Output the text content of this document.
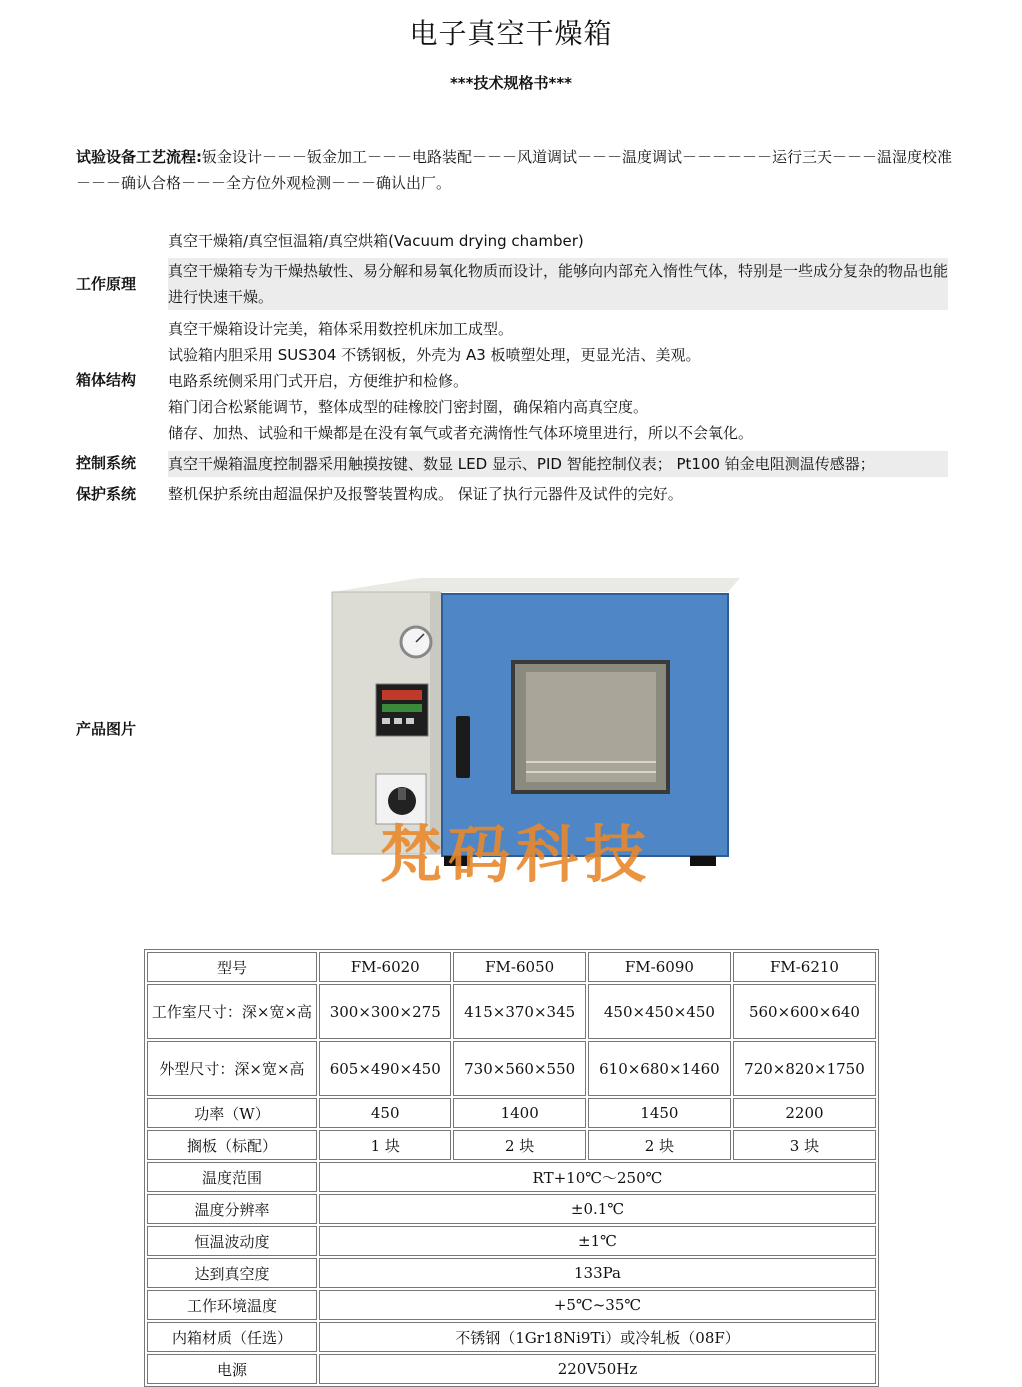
电子真空干燥箱
***技术规格书***
试验设备工艺流程:钣金设计－－－钣金加工－－－电路装配－－－风道调试－－－温度调试－－－－－－运行三天－－－温湿度校准－－－确认合格－－－全方位外观检测－－－确认出厂。
真空干燥箱/真空恒温箱/真空烘箱(Vacuum drying chamber)
工作原理
真空干燥箱专为干燥热敏性、易分解和易氧化物质而设计，能够向内部充入惰性气体，特别是一些成分复杂的物品也能进行快速干燥。
箱体结构
真空干燥箱设计完美，箱体采用数控机床加工成型。
试验箱内胆采用 SUS304 不锈钢板，外壳为 A3 板喷塑处理，更显光洁、美观。
电路系统侧采用门式开启，方便维护和检修。
箱门闭合松紧能调节，整体成型的硅橡胶门密封圈，确保箱内高真空度。
储存、加热、试验和干燥都是在没有氧气或者充满惰性气体环境里进行，所以不会氧化。
控制系统 真空干燥箱温度控制器采用触摸按键、数显 LED 显示、PID 智能控制仪表； Pt100 铂金电阻测温传感器；
保护系统 整机保护系统由超温保护及报警装置构成。 保证了执行元器件及试件的完好。
产品图片
梵码科技
型号	FM-6020	FM-6050	FM-6090	FM-6210
工作室尺寸：深×宽×高	300×300×275	415×370×345	450×450×450	560×600×640
外型尺寸：深×宽×高	605×490×450	730×560×550	610×680×1460	720×820×1750
功率（W）	450	1400	1450	2200
搁板（标配）	1 块	2 块	2 块	3 块
温度范围	RT+10℃～250℃			
温度分辨率	±0.1℃			
恒温波动度	±1℃			
达到真空度	133Pa			
工作环境温度	+5℃~35℃			
内箱材质（任选）	不锈钢（1Gr18Ni9Ti）或冷轧板（08F）			
电源	220V50Hz			
